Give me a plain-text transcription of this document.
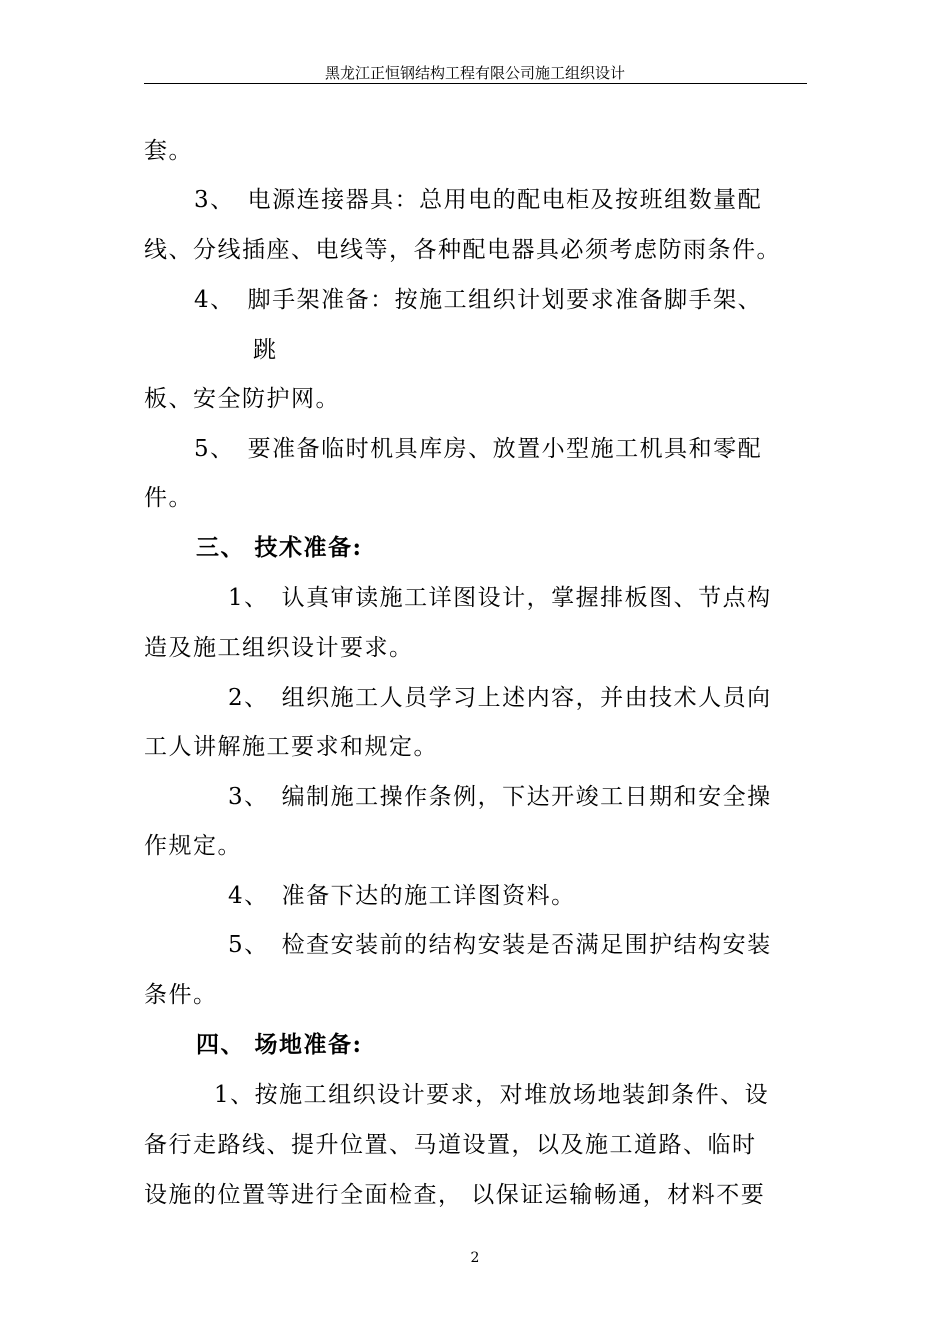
黑龙江正恒钢结构工程有限公司施工组织设计
套。
3、　电源连接器具：总用电的配电柜及按班组数量配
线、分线插座、电线等，各种配电器具必须考虑防雨条件。
4、　脚手架准备：按施工组织计划要求准备脚手架、
跳
板、安全防护网。
5、　要准备临时机具库房、放置小型施工机具和零配
件。
三、 技术准备:
1、　认真审读施工详图设计，掌握排板图、节点构
造及施工组织设计要求。
2、　组织施工人员学习上述内容，并由技术人员向
工人讲解施工要求和规定。
3、　编制施工操作条例，下达开竣工日期和安全操
作规定。
4、　准备下达的施工详图资料。
5、　检查安装前的结构安装是否满足围护结构安装
条件。
四、 场地准备:
1、按施工组织设计要求，对堆放场地装卸条件、设
备行走路线、提升位置、马道设置，以及施工道路、临时
设施的位置等进行全面检查， 以保证运输畅通，材料不要
2
